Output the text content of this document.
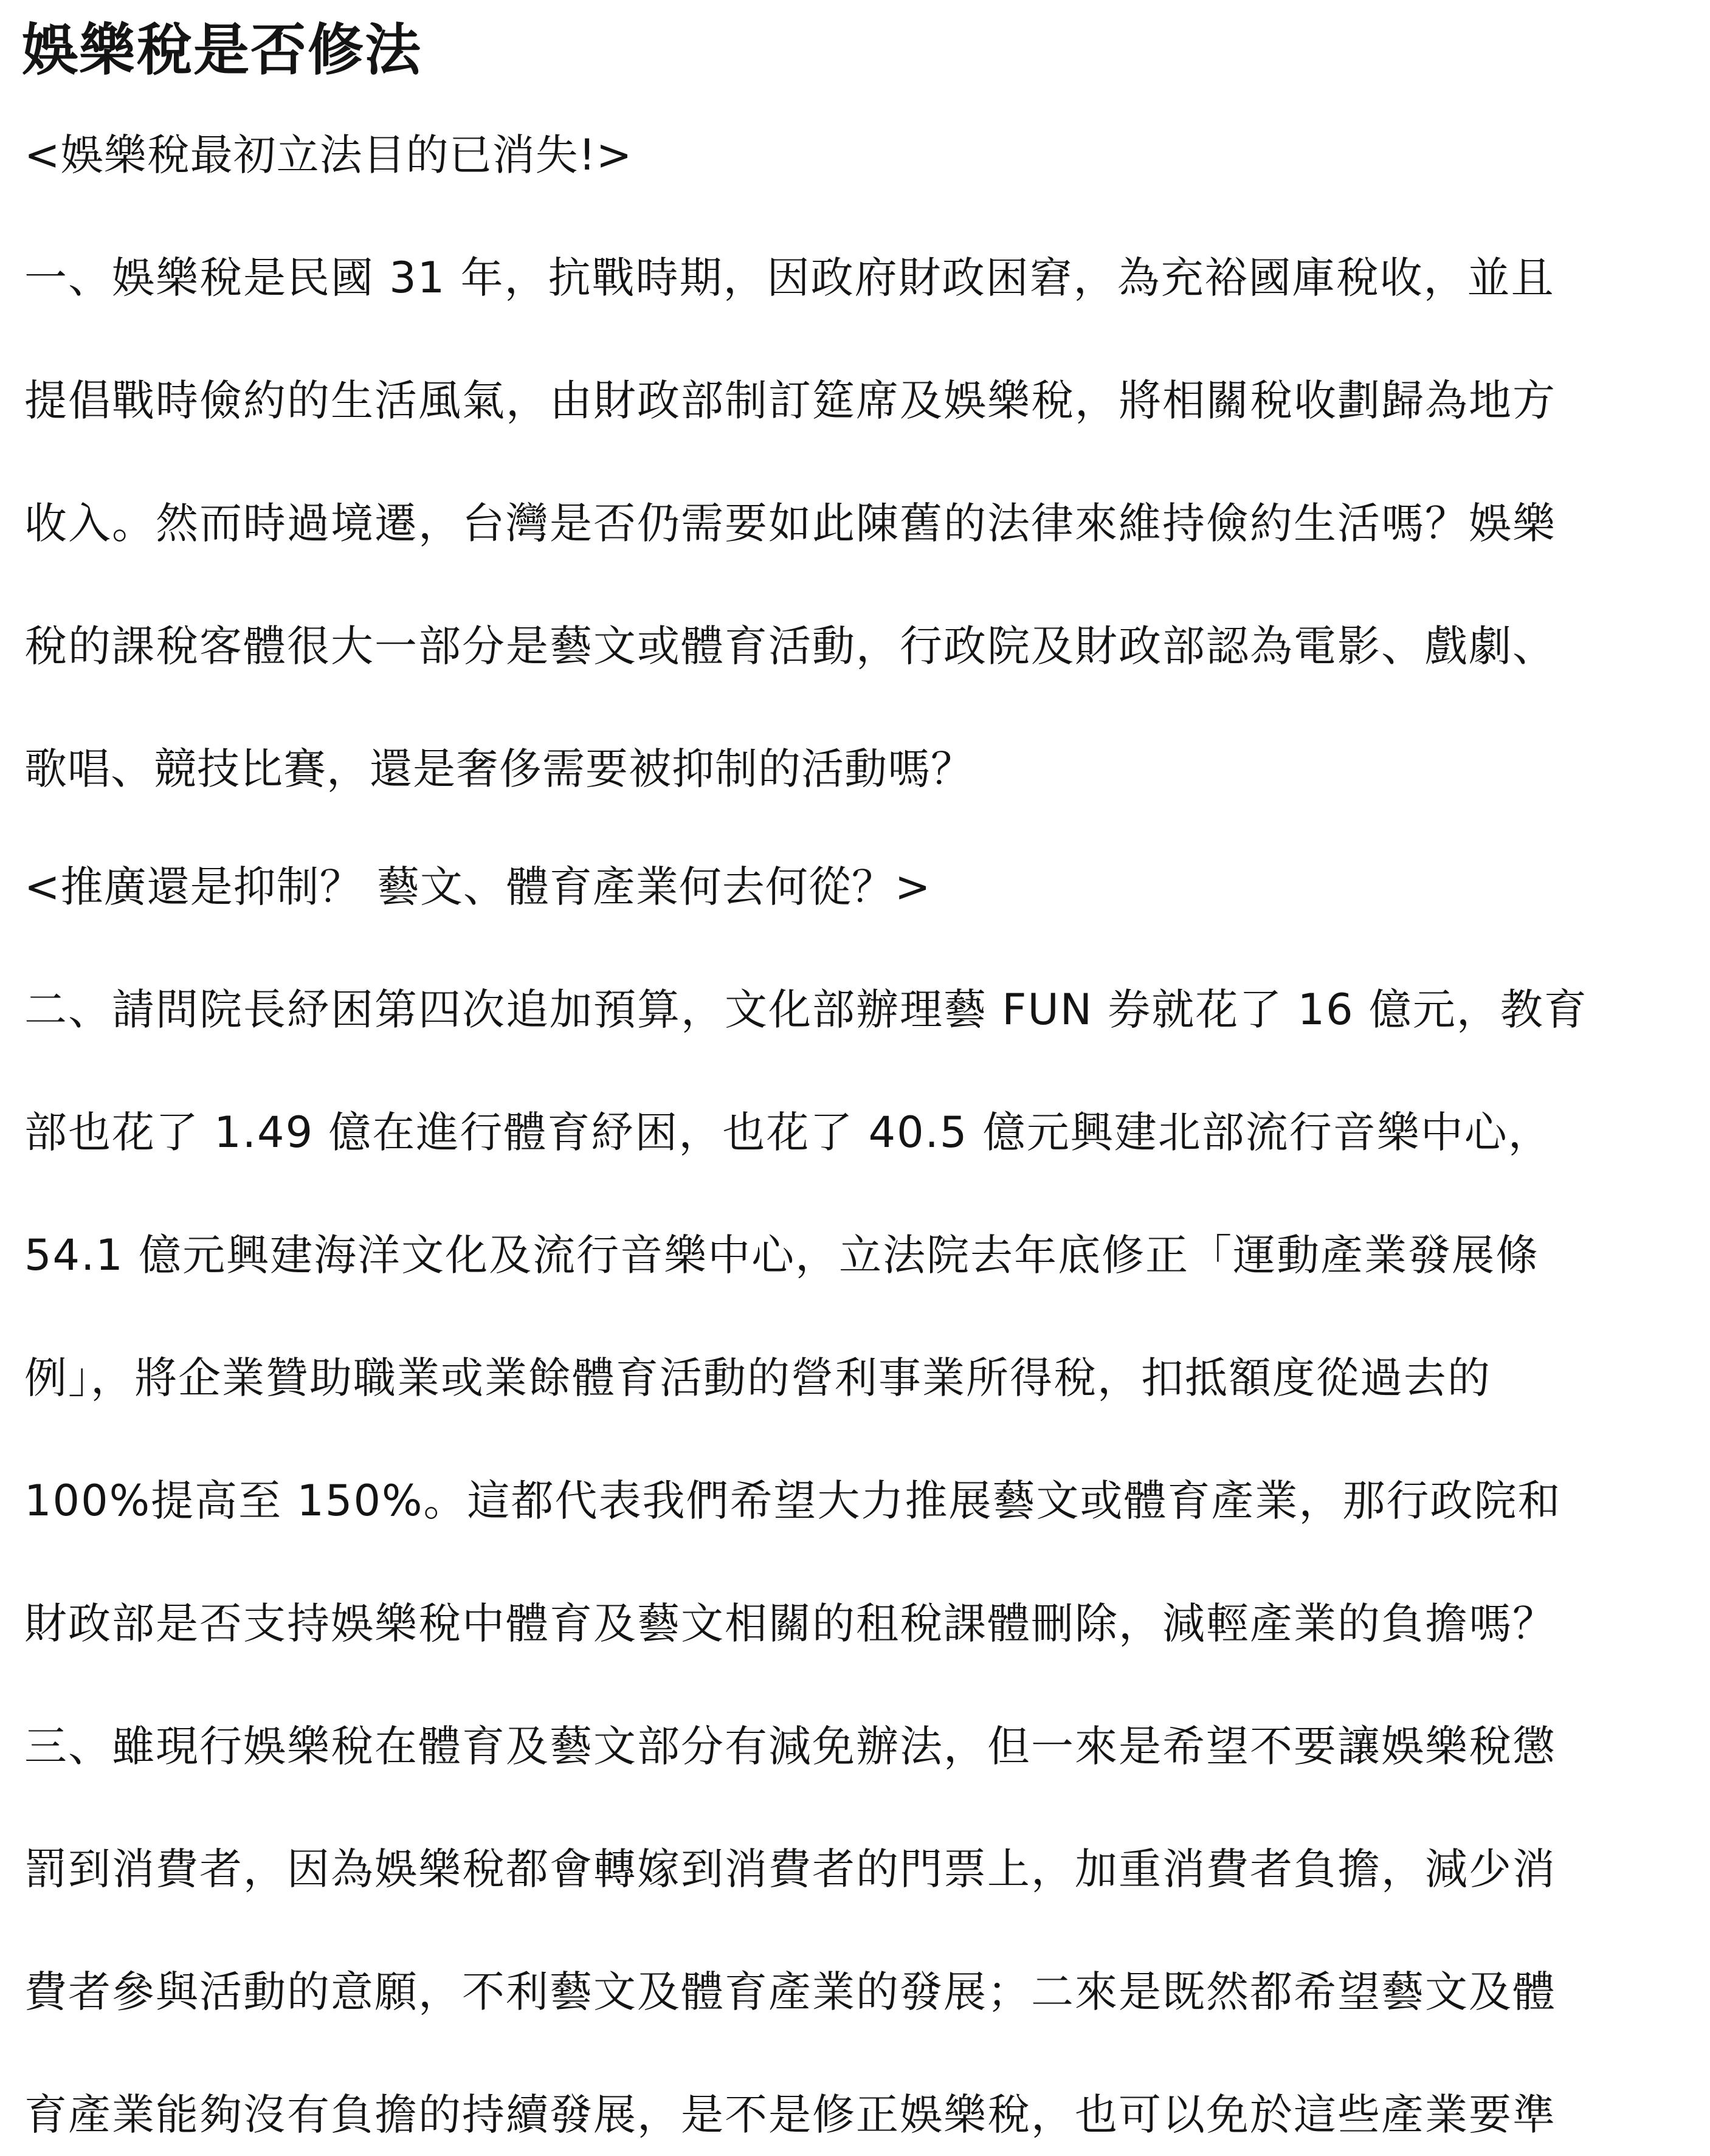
娛樂稅是否修法

<娛樂稅最初立法目的已消失!>

一、娛樂稅是民國 31 年，抗戰時期，因政府財政困窘，為充裕國庫稅收，並且

提倡戰時儉約的生活風氣，由財政部制訂筵席及娛樂稅，將相關稅收劃歸為地方

收入。然而時過境遷，台灣是否仍需要如此陳舊的法律來維持儉約生活嗎？娛樂

稅的課稅客體很大一部分是藝文或體育活動，行政院及財政部認為電影、戲劇、

歌唱、競技比賽，還是奢侈需要被抑制的活動嗎？

<推廣還是抑制？ 藝文、體育產業何去何從？>

二、請問院長紓困第四次追加預算，文化部辦理藝 FUN 券就花了 16 億元，教育

部也花了 1.49 億在進行體育紓困，也花了 40.5 億元興建北部流行音樂中心，

54.1 億元興建海洋文化及流行音樂中心，立法院去年底修正「運動產業發展條

例」，將企業贊助職業或業餘體育活動的營利事業所得稅，扣抵額度從過去的

100%提高至 150%。這都代表我們希望大力推展藝文或體育產業，那行政院和

財政部是否支持娛樂稅中體育及藝文相關的租稅課體刪除，減輕產業的負擔嗎？

三、雖現行娛樂稅在體育及藝文部分有減免辦法，但一來是希望不要讓娛樂稅懲

罰到消費者，因為娛樂稅都會轉嫁到消費者的門票上，加重消費者負擔，減少消

費者參與活動的意願，不利藝文及體育產業的發展；二來是既然都希望藝文及體

育產業能夠沒有負擔的持續發展，是不是修正娛樂稅，也可以免於這些產業要準
